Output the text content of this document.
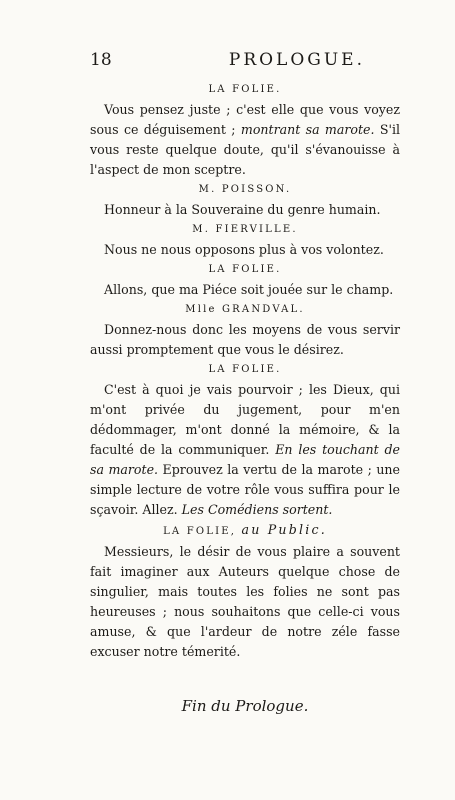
18	PROLOGUE.
LA FOLIE.

Vous pensez juste ; c'est elle que vous voyez sous ce déguisement ; montrant sa marote. S'il vous reste quelque doute, qu'il s'évanouisse à l'aspect de mon sceptre.

M. POISSON.

Honneur à la Souveraine du genre humain.

M. FIERVILLE.

Nous ne nous opposons plus à vos volontez.

LA FOLIE.

Allons, que ma Piéce soit jouée sur le champ.

Mlle GRANDVAL.

Donnez-nous donc les moyens de vous servir aussi promptement que vous le désirez.

LA FOLIE.

C'est à quoi je vais pourvoir ; les Dieux, qui m'ont privée du jugement, pour m'en dédommager, m'ont donné la mémoire, & la faculté de la communiquer. En les touchant de sa marote. Eprouvez la vertu de la marote ; une simple lecture de votre rôle vous suffira pour le sçavoir. Allez. Les Comédiens sortent.

LA FOLIE, au Public.

Messieurs, le désir de vous plaire a souvent fait imaginer aux Auteurs quelque chose de singulier, mais toutes les folies ne sont pas heureuses ; nous souhaitons que celle-ci vous amuse, & que l'ardeur de notre zéle fasse excuser notre témerité.

Fin du Prologue.
